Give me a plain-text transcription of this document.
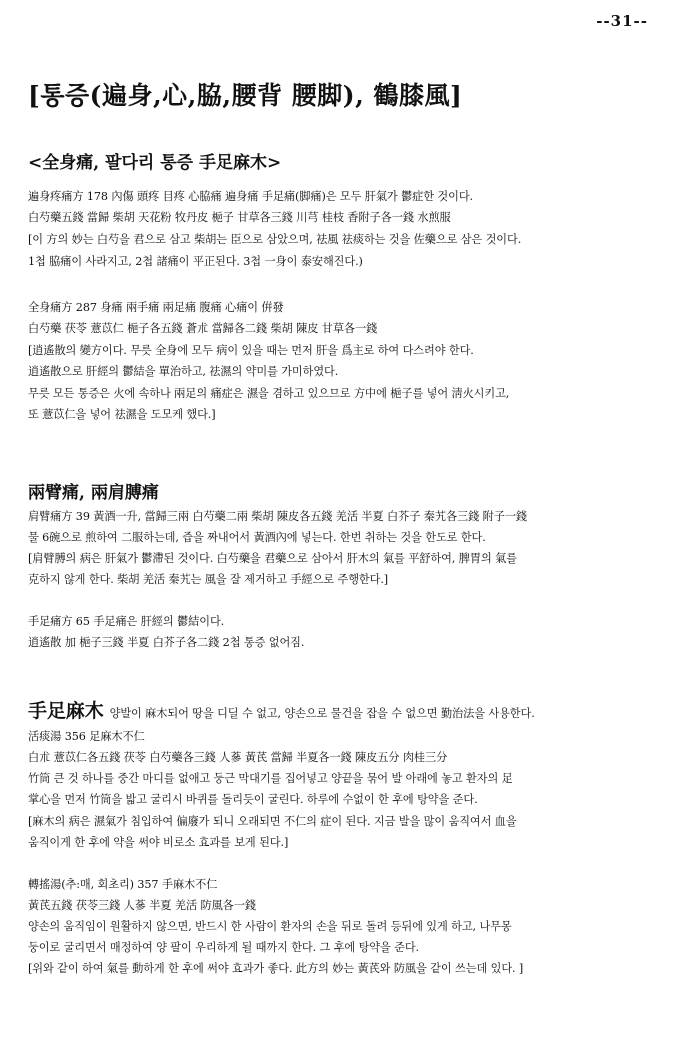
--31--
[통증(遍身,心,脇,腰背 腰脚), 鶴膝風]
<全身痛, 팔다리 통증 手足麻木>
遍身疼痛方 178 內傷 頭疼 目疼 心脇痛 遍身痛 手足痛(脚痛)은 모두 肝氣가 鬱症한 것이다.
白芍藥五錢 當歸 柴胡 天花粉 牧丹皮 梔子 甘草各三錢 川芎 桂枝 香附子各一錢 水煎服
[이 方의 妙는 白芍을 君으로 삼고 柴胡는 臣으로 삼았으며, 祛風 祛痰하는 것을 佐藥으로 삼은 것이다.
1첩 脇痛이 사라지고, 2첩 諸痛이 平正된다. 3첩 一身이 泰安해진다.)
全身痛方 287 身痛 兩手痛 兩足痛 腹痛 心痛이 倂發
白芍藥 茯苓 薏苡仁 梔子各五錢 蒼朮 當歸各二錢 柴胡 陳皮 甘草各一錢
[逍遙散의 變方이다. 무릇 全身에 모두 病이 있을 때는 먼저 肝을 爲主로 하여 다스려야 한다.
逍遙散으로 肝經의 鬱結을 單治하고, 祛濕의 약미를 가미하였다.
무릇 모든 통증은 火에 속하나 兩足의 痛症은 濕을 겸하고 있으므로 方中에 梔子를 넣어 淸火시키고,
또 薏苡仁을 넣어 祛濕을 도모케 했다.]
兩臂痛, 兩肩膊痛
肩臂痛方 39 黃酒一升, 當歸三兩 白芍藥二兩 柴胡 陳皮各五錢 羌活 半夏 白芥子 秦艽各三錢 附子一錢
물 6碗으로 煎하여 二服하는데, 즙을 짜내어서 黃酒內에 넣는다. 한번 취하는 것을 한도로 한다.
[肩臂膊의 病은 肝氣가 鬱滯된 것이다. 白芍藥을 君藥으로 삼아서 肝木의 氣를 平舒하여, 脾胃의 氣를
克하지 않게 한다. 柴胡 羌活 秦艽는 風을 잘 제거하고 手經으로 주행한다.]
手足痛方 65 手足痛은 肝經의 鬱結이다.
逍遙散 加 梔子三錢 半夏 白芥子各二錢 2첩 통증 없어짐.
手足麻木 양발이 麻木되어 땅을 디딜 수 없고, 양손으로 물건을 잡을 수 없으면 勤治法을 사용한다.
活痰湯 356 足麻木不仁
白朮 薏苡仁各五錢 茯苓 白芍藥各三錢 人蔘 黃芪 當歸 半夏各一錢 陳皮五分 肉桂三分
竹筒 큰 것 하나를 중간 마디를 없애고 둥근 막대기를 집어넣고 양끝을 묶어 발 아래에 놓고 환자의 足
掌心을 먼저 竹筒을 밟고 굴리시 바퀴를 돌리듯이 굴린다. 하루에 수없이 한 후에 탕약을 준다.
[麻木의 病은 濕氣가 침입하여 偏廢가 되니 오래되면 不仁의 症이 된다. 지금 발을 많이 움직여서 血을
움직이게 한 후에 약을 써야 비로소 효과를 보게 된다.]
轉搖湯(추:매, 회초리) 357 手麻木不仁
黃芪五錢 茯苓三錢 人蔘 半夏 羌活 防風各一錢
양손의 움직임이 원활하지 않으면, 반드시 한 사람이 환자의 손을 뒤로 돌려 등뒤에 있게 하고, 나무몽
둥이로 굴리면서 매정하여 양 팔이 우리하게 될 때까지 한다. 그 후에 탕약을 준다.
[위와 같이 하여 氣를 動하게 한 후에 써야 효과가 좋다. 此方의 妙는 黃芪와 防風을 같이 쓰는데 있다. ]
